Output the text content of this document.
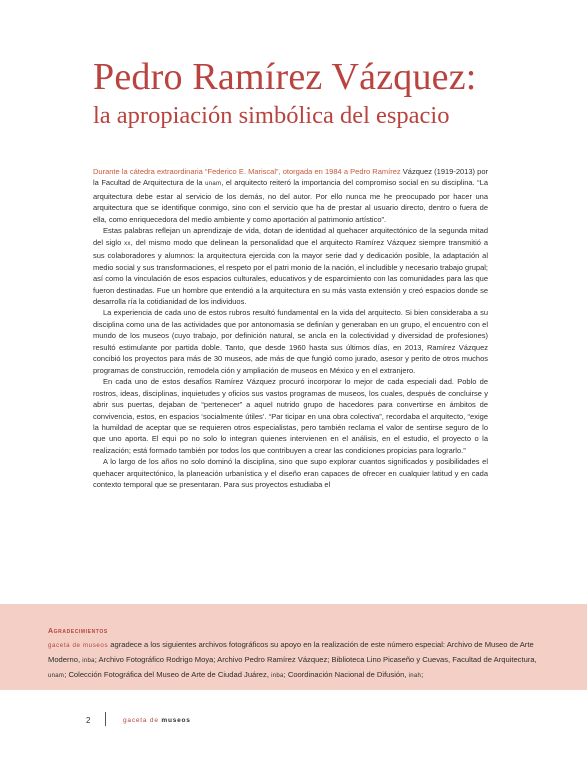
Pedro Ramírez Vázquez:
la apropiación simbólica del espacio

Durante la cátedra extraordinaria “Federico E. Mariscal”, otorgada en 1984 a Pedro Ramírez Vázquez (1919-2013) por la Facultad de Arquitectura de la unam, el arquitecto reiteró la importancia del compromiso social en su disciplina. “La arquitectura debe estar al servicio de los demás, no del autor. Por ello nunca me he preocupado por hacer una arquitectura que se identifique conmigo, sino con el servicio que ha de prestar al usuario directo, dentro o fuera de ella, como enriquecedora del medio ambiente y como aportación al patrimonio artístico”.

Estas palabras reflejan un aprendizaje de vida, dotan de identidad al quehacer arquitectónico de la segunda mitad del siglo xx, del mismo modo que delinean la personalidad que el arquitecto Ramírez Vázquez siempre transmitió a sus colaboradores y alumnos: la arquitectura ejercida con la mayor serie dad y dedicación posible, la adaptación al medio social y sus transformaciones, el respeto por el patri monio de la nación, el includible y necesario trabajo grupal; así como la vinculación de esos espacios culturales, educativos y de esparcimiento con las comunidades para las que fueron destinadas. Fue un hombre que entendió a la arquitectura en su más vasta extensión y creó espacios donde se desarrolla ría la cotidianidad de los individuos.

La experiencia de cada uno de estos rubros resultó fundamental en la vida del arquitecto. Si bien consideraba a su disciplina como una de las actividades que por antonomasia se definían y generaban en un grupo, el encuentro con el mundo de los museos (cuyo trabajo, por definición natural, se ancla en la colectividad y diversidad de profesiones) resultó estimulante por partida doble. Tanto, que desde 1960 hasta sus últimos días, en 2013, Ramírez Vázquez concibió los proyectos para más de 30 museos, ade más de que fungió como jurado, asesor y perito de otros muchos programas de construcción, remodela ción y ampliación de museos en México y en el extranjero.

En cada uno de estos desafíos Ramírez Vázquez procuró incorporar lo mejor de cada especiali dad. Poblo de rostros, ideas, disciplinas, inquietudes y oficios sus vastos programas de museos, los cuales, después de concluirse y abrir sus puertas, dejaban de “pertenecer” a aquel nutrido grupo de hacedores para convertirse en ámbitos de convivencia, estos, en espacios ‘socialmente útiles’. “Par ticipar en una obra colectiva”, recordaba el arquitecto, “exige la humildad de aceptar que se requieren otros especialistas, pero también reclama el valor de sentirse seguro de lo que uno aporta. El equi po no solo lo integran quienes intervienen en el análisis, en el estudio, el proyecto o la realización; está formado también por todos los que contribuyen a crear las condiciones propicias para lograrlo.”

A lo largo de los años no solo dominó la disciplina, sino que supo explorar cuantos significados y posibilidades el quehacer arquitectónico, la planeación urbanística y el diseño eran capaces de ofrecer en cualquier latitud y en cada contexto temporal que se presentaran. Para sus proyectos estudiaba el

Agradecimientos
gaceta de museos agradece a los siguientes archivos fotográficos su apoyo en la realización de este número especial: Archivo de Museo de Arte Moderno, inba; Archivo Fotográfico Rodrigo Moya; Archivo Pedro Ramírez Vázquez; Biblioteca Lino Picaseño y Cuevas, Facultad de Arquitectura, unam; Colección Fotográfica del Museo de Arte de Ciudad Juárez, inba; Coordinación Nacional de Difusión, inah;
2	gaceta de museos
